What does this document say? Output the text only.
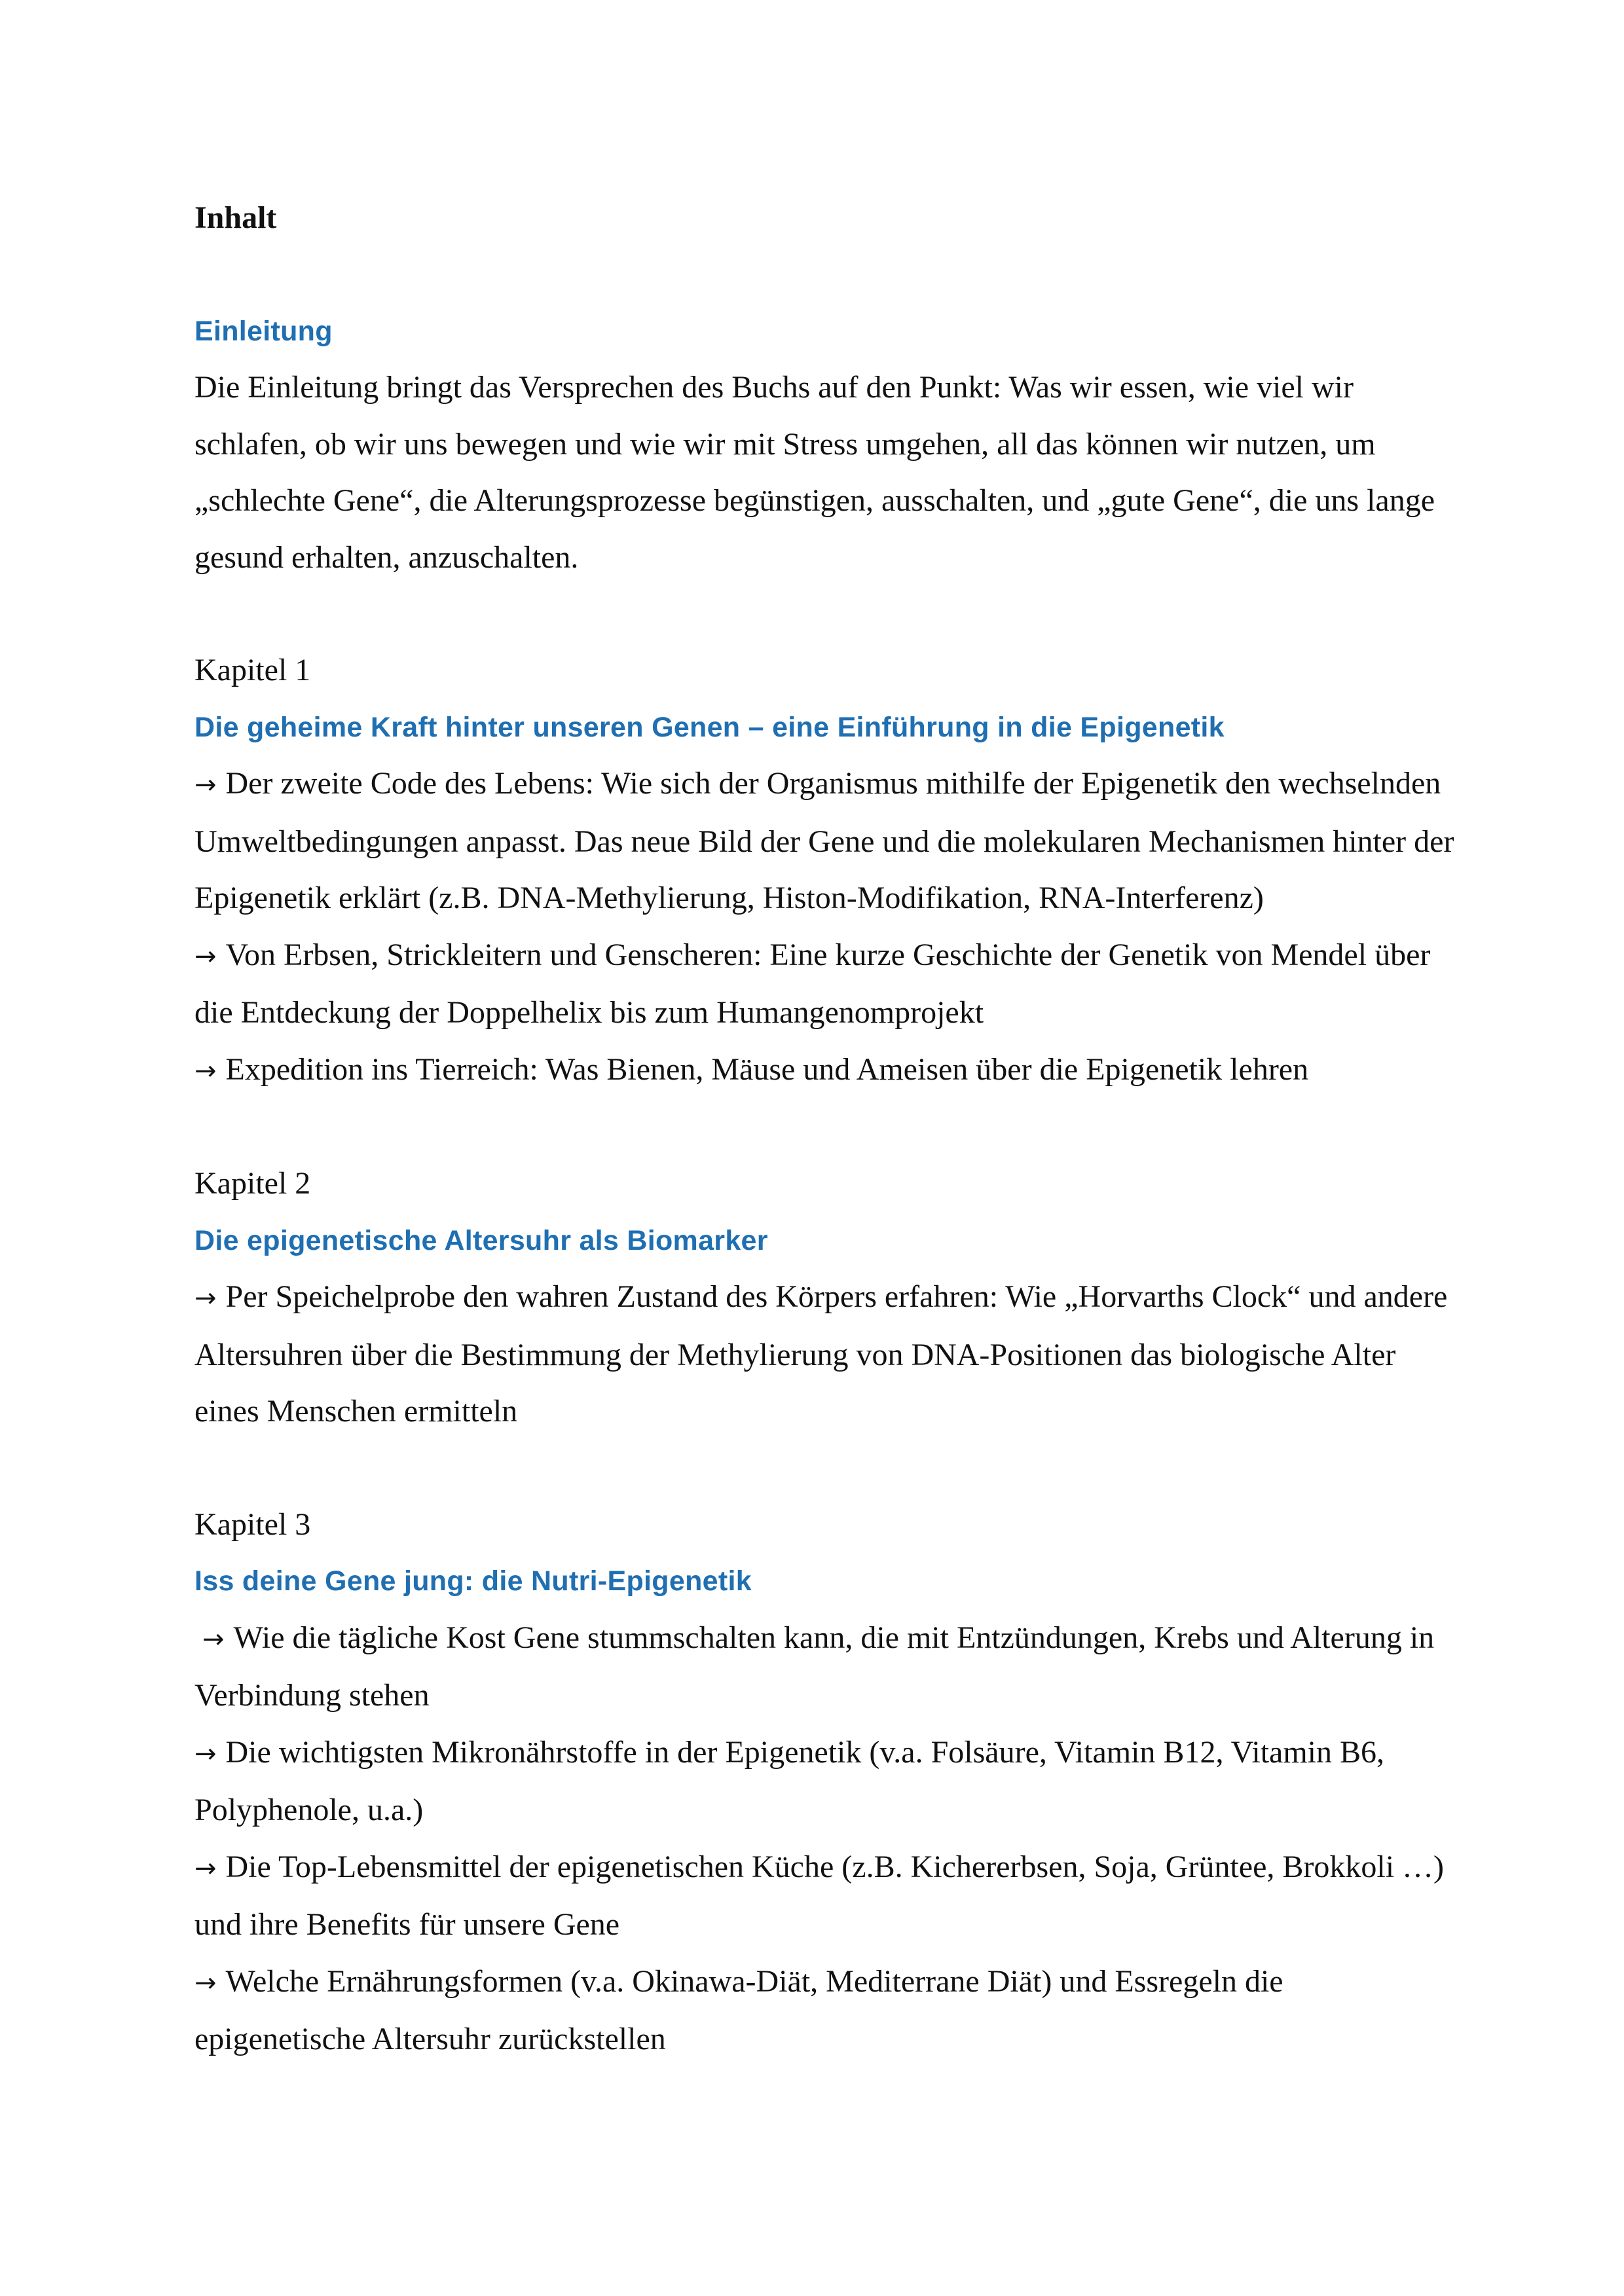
Inhalt
Einleitung

Die Einleitung bringt das Versprechen des Buchs auf den Punkt: Was wir essen, wie viel wir schlafen, ob wir uns bewegen und wie wir mit Stress umgehen, all das können wir nutzen, um „schlechte Gene“, die Alterungsprozesse begünstigen, ausschalten, und „gute Gene“, die uns lange gesund erhalten, anzuschalten.

Kapitel 1
Die geheime Kraft hinter unseren Genen – eine Einführung in die Epigenetik

→ Der zweite Code des Lebens: Wie sich der Organismus mithilfe der Epigenetik den wechselnden Umweltbedingungen anpasst. Das neue Bild der Gene und die molekularen Mechanismen hinter der Epigenetik erklärt (z.B. DNA-Methylierung, Histon-Modifikation, RNA-Interferenz)

→ Von Erbsen, Strickleitern und Genscheren: Eine kurze Geschichte der Genetik von Mendel über die Entdeckung der Doppelhelix bis zum Humangenomprojekt

→ Expedition ins Tierreich: Was Bienen, Mäuse und Ameisen über die Epigenetik lehren

Kapitel 2
Die epigenetische Altersuhr als Biomarker

→ Per Speichelprobe den wahren Zustand des Körpers erfahren: Wie „Horvarths Clock“ und andere Altersuhren über die Bestimmung der Methylierung von DNA-Positionen das biologische Alter eines Menschen ermitteln

Kapitel 3
Iss deine Gene jung: die Nutri-Epigenetik

→ Wie die tägliche Kost Gene stummschalten kann, die mit Entzündungen, Krebs und Alterung in Verbindung stehen

→ Die wichtigsten Mikronährstoffe in der Epigenetik (v.a. Folsäure, Vitamin B12, Vitamin B6, Polyphenole, u.a.)

→ Die Top-Lebensmittel der epigenetischen Küche (z.B. Kichererbsen, Soja, Grüntee, Brokkoli …) und ihre Benefits für unsere Gene

→ Welche Ernährungsformen (v.a. Okinawa-Diät, Mediterrane Diät) und Essregeln die epigenetische Altersuhr zurückstellen
